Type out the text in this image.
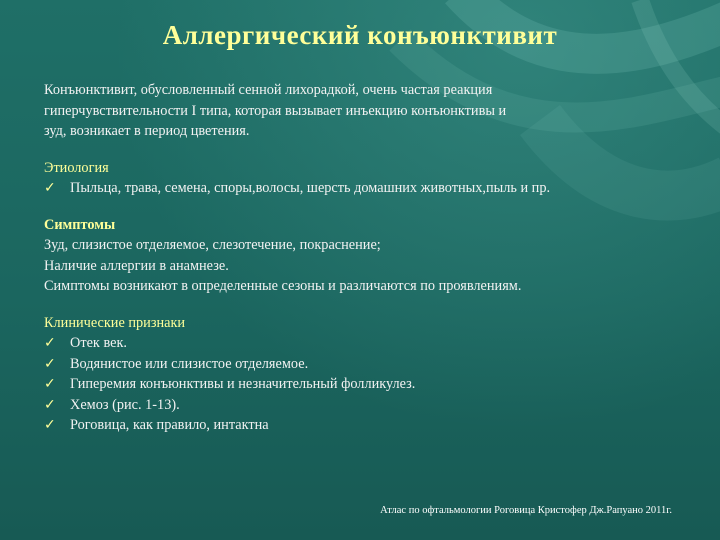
Аллергический конъюнктивит

Конъюнктивит, обусловленный сенной лихорадкой, очень частая реакция

гиперчувствительности I типа, которая вызывает инъекцию конъюнктивы и

зуд, возникает в период цветения.

Этиология
✓ Пыльца, трава, семена, споры,волосы, шерсть домашних животных,пыль и пр.
Симптомы

Зуд, слизистое отделяемое, слезотечение, покраснение;

Наличие аллергии в анамнезе.

Симптомы возникают в определенные сезоны и различаются по проявлениям.

Клинические признаки
✓ Отек век.
✓ Водянистое или слизистое отделяемое.
✓ Гиперемия конъюнктивы и незначительный фолликулез.
✓ Хемоз (рис. 1-13).
✓ Роговица, как правило, интактна
Атлас по офтальмологии Роговица Кристофер Дж.Рапуано 2011г.
